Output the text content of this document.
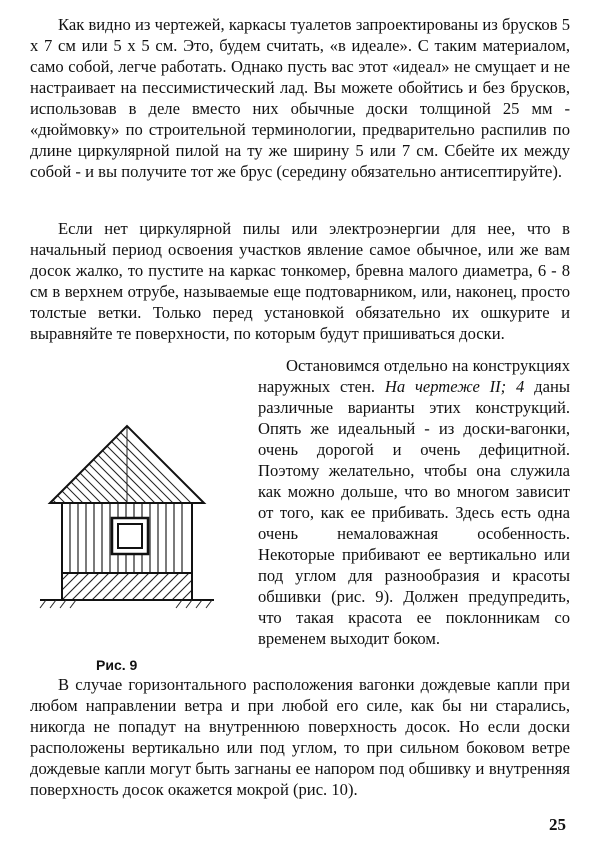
Как видно из чертежей, каркасы туалетов запроектированы из брусков 5 х 7 см или 5 х 5 см. Это, будем считать, «в идеале». С таким материалом, само собой, легче работать. Однако пусть вас этот «идеал» не смущает и не настраивает на пессимистический лад. Вы можете обойтись и без брусков, использовав в деле вместо них обычные доски толщиной 25 мм - «дюймовку» по строительной терминологии, предварительно распилив по длине циркулярной пилой на ту же ширину 5 или 7 см. Сбейте их между собой - и вы получите тот же брус (середину обязательно антисептируйте).

Если нет циркулярной пилы или электроэнергии для нее, что в начальный период освоения участков явление самое обычное, или же вам досок жалко, то пустите на каркас тонкомер, бревна малого диаметра, 6 - 8 см в верхнем отрубе, называемые еще подтоварником, или, наконец, просто толстые ветки. Только перед установкой обязательно их ошкурите и выравняйте те поверхности, по которым будут пришиваться доски.

Остановимся отдельно на конструкциях наружных стен. На чертеже II; 4 даны различные варианты этих конструкций. Опять же идеальный - из доски-вагонки, очень дорогой и очень дефицитной. Поэтому желательно, чтобы она служила как можно дольше, что во многом зависит от того, как ее прибивать. Здесь есть одна очень немаловажная особенность. Некоторые прибивают ее вертикально или под углом для разнообразия и красоты обшивки (рис. 9). Должен предупредить, что такая красота ее поклонникам со временем выходит боком.

Рис. 9

В случае горизонтального расположения вагонки дождевые капли при любом направлении ветра и при любой его силе, как бы ни старались, никогда не попадут на внутреннюю поверхность досок. Но если доски расположены вертикально или под углом, то при сильном боковом ветре дождевые капли могут быть загнаны ее напором под обшивку и внутренняя поверхность досок окажется мокрой (рис. 10).

25
